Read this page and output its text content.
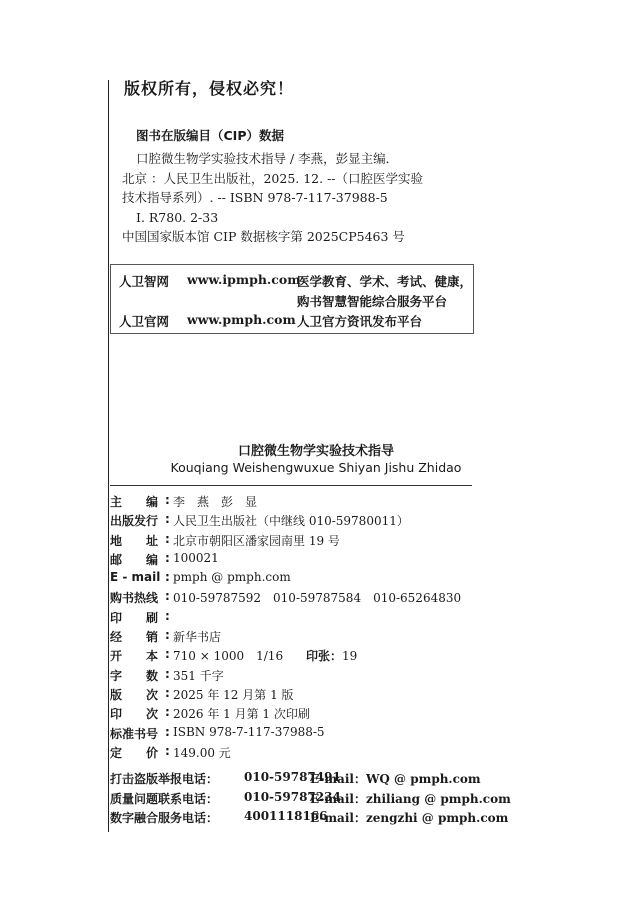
版权所有，侵权必究！
图书在版编目（CIP）数据
口腔微生物学实验技术指导 / 李燕，彭显主编．
北京 ：人民卫生出版社，2025. 12. --（口腔医学实验
技术指导系列）. -- ISBN 978-7-117-37988-5
Ⅰ. R780. 2-33
中国国家版本馆 CIP 数据核字第 2025CP5463 号
人卫智网 www.ipmph.com
医学教育、学术、考试、健康，
购书智慧智能综合服务平台
人卫官网 www.pmph.com 人卫官方资讯发布平台
口腔微生物学实验技术指导
Kouqiang Weishengwuxue Shiyan Jishu Zhidao
主　　编 : 李　燕　彭　显
出版发行 : 人民卫生出版社（中继线 010-59780011）
地　　址 : 北京市朝阳区潘家园南里 19 号
邮　　编 : 100021
E - mail : pmph @ pmph.com
购书热线 : 010-59787592　010-59787584　010-65264830
印　　刷 :
经　　销 : 新华书店
开　　本 : 710 × 1000　1/16 印张：19
字　　数 : 351 千字
版　　次 : 2025 年 12 月第 1 版
印　　次 : 2026 年 1 月第 1 次印刷
标准书号 : ISBN 978-7-117-37988-5
定　　价 : 149.00 元
打击盗版举报电话： 010-59787491
E-mail：WQ @ pmph.com
质量问题联系电话： 010-59787234
E-mail：zhiliang @ pmph.com
数字融合服务电话： 4001118166
E-mail：zengzhi @ pmph.com
